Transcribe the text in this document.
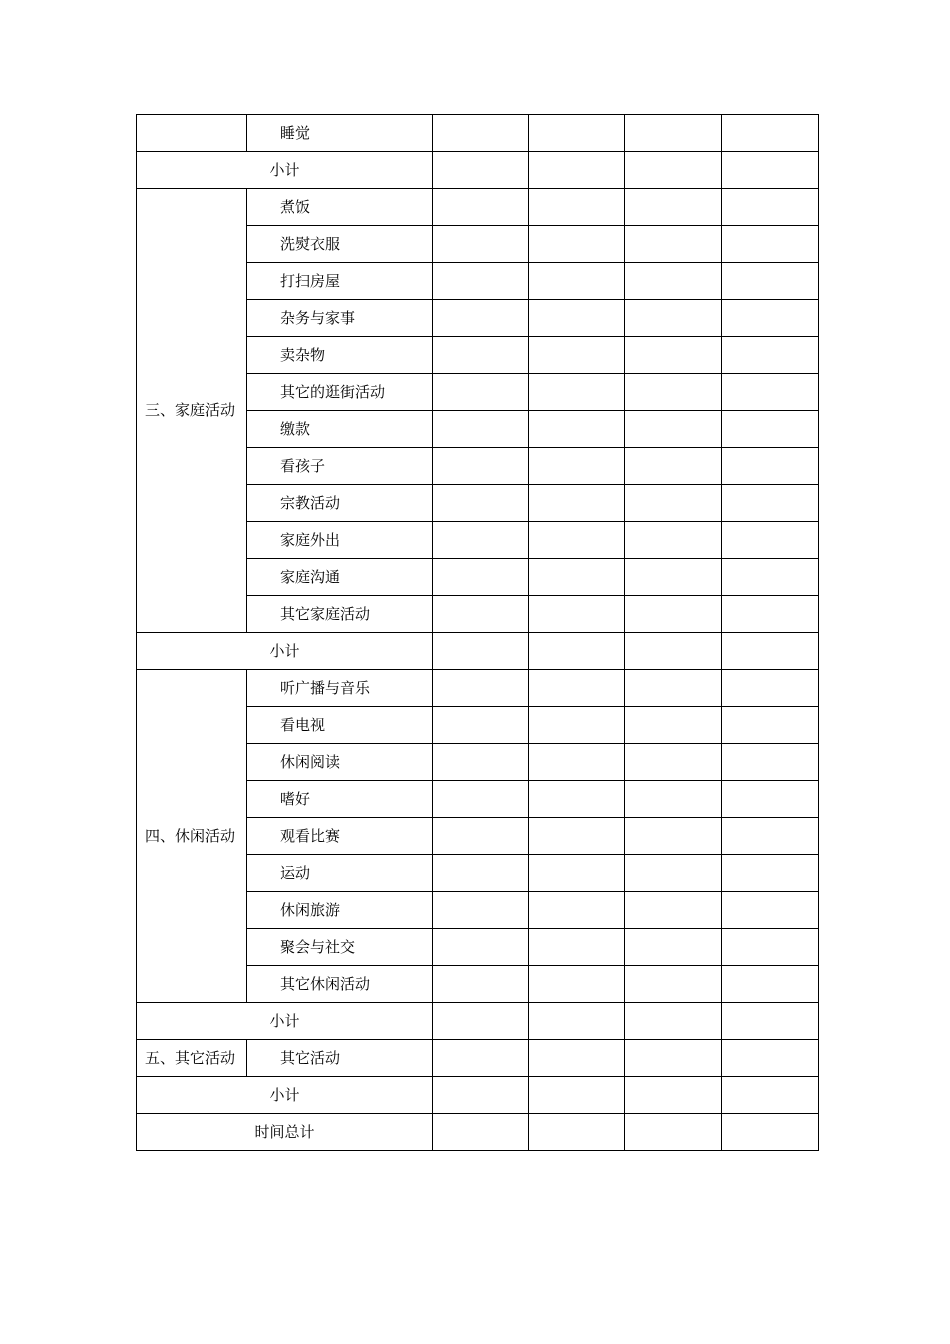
	睡觉				
小计					
三、家庭活动	煮饭				
	洗熨衣服				
	打扫房屋				
	杂务与家事				
	卖杂物				
	其它的逛街活动				
	缴款				
	看孩子				
	宗教活动				
	家庭外出				
	家庭沟通				
	其它家庭活动				
小计					
四、休闲活动	听广播与音乐				
	看电视				
	休闲阅读				
	嗜好				
	观看比赛				
	运动				
	休闲旅游				
	聚会与社交				
	其它休闲活动				
小计					
五、其它活动	其它活动				
小计					
时间总计					
